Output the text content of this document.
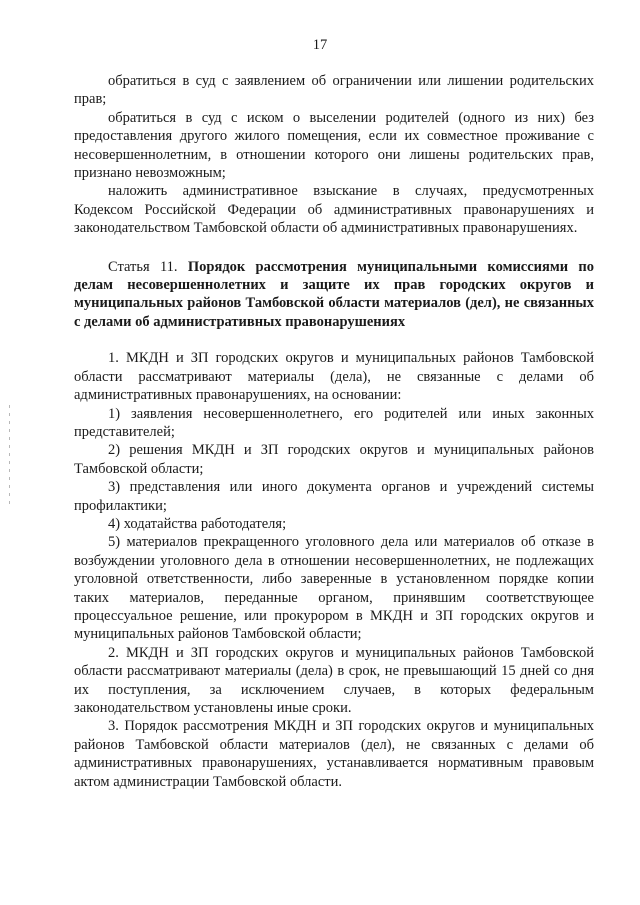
17

обратиться в суд с заявлением об ограничении или лишении родительских прав;

обратиться в суд с иском о выселении родителей (одного из них) без предоставления другого жилого помещения, если их совместное проживание с несовершеннолетним, в отношении которого они лишены родительских прав, признано невозможным;

наложить административное взыскание в случаях, предусмотренных Кодексом Российской Федерации об административных правонарушениях и законодательством Тамбовской области об административных правонарушениях.

Статья 11. Порядок рассмотрения муниципальными комиссиями по делам несовершеннолетних и защите их прав городских округов и муниципальных районов Тамбовской области материалов (дел), не связанных с делами об административных правонарушениях

1. МКДН и ЗП городских округов и муниципальных районов Тамбовской области рассматривают материалы (дела), не связанные с делами об административных правонарушениях, на основании:

1) заявления несовершеннолетнего, его родителей или иных законных представителей;

2) решения МКДН и ЗП городских округов и муниципальных районов Тамбовской области;

3) представления или иного документа органов и учреждений системы профилактики;

4) ходатайства работодателя;

5) материалов прекращенного уголовного дела или материалов об отказе в возбуждении уголовного дела в отношении несовершеннолетних, не подлежащих уголовной ответственности, либо заверенные в установленном порядке копии таких материалов, переданные органом, принявшим соответствующее процессуальное решение, или прокурором в МКДН и ЗП городских округов и муниципальных районов Тамбовской области;

2. МКДН и ЗП городских округов и муниципальных районов Тамбовской области рассматривают материалы (дела) в срок, не превышающий 15 дней со дня их поступления, за исключением случаев, в которых федеральным законодательством установлены иные сроки.

3. Порядок рассмотрения МКДН и ЗП городских округов и муниципальных районов Тамбовской области материалов (дел), не связанных с делами об административных правонарушениях, устанавливается нормативным правовым актом администрации Тамбовской области.
